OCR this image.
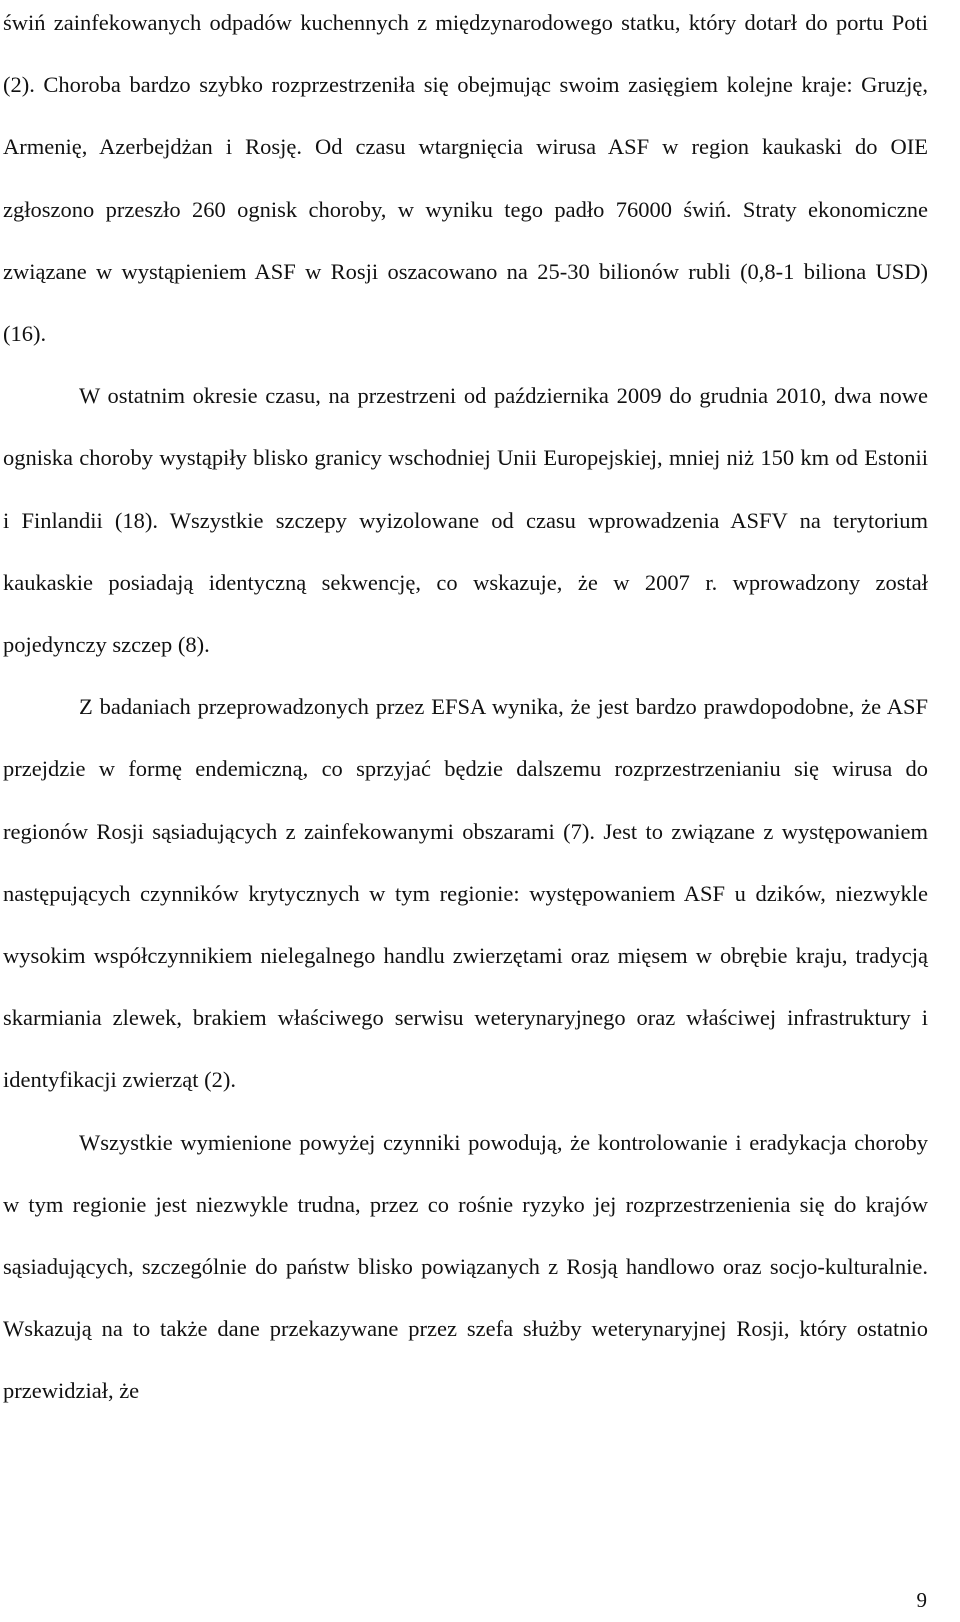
świń zainfekowanych odpadów kuchennych z międzynarodowego statku, który dotarł do portu Poti (2). Choroba bardzo szybko rozprzestrzeniła się obejmując swoim zasięgiem kolejne kraje: Gruzję, Armenię, Azerbejdżan i Rosję. Od czasu wtargnięcia wirusa ASF w region kaukaski do OIE zgłoszono przeszło 260 ognisk choroby, w wyniku tego padło 76000 świń. Straty ekonomiczne związane w wystąpieniem ASF w Rosji oszacowano na 25-30 bilionów rubli (0,8-1 biliona USD) (16).

W ostatnim okresie czasu, na przestrzeni od października 2009 do grudnia 2010, dwa nowe ogniska choroby wystąpiły blisko granicy wschodniej Unii Europejskiej, mniej niż 150 km od Estonii i Finlandii (18). Wszystkie szczepy wyizolowane od czasu wprowadzenia ASFV na terytorium kaukaskie posiadają identyczną sekwencję, co wskazuje, że w 2007 r. wprowadzony został pojedynczy szczep (8).

Z badaniach przeprowadzonych przez EFSA wynika, że jest bardzo prawdopodobne, że ASF przejdzie w formę endemiczną, co sprzyjać będzie dalszemu rozprzestrzenianiu się wirusa do regionów Rosji sąsiadujących z zainfekowanymi obszarami (7). Jest to związane z występowaniem następujących czynników krytycznych w tym regionie: występowaniem ASF u dzików, niezwykle wysokim współczynnikiem nielegalnego handlu zwierzętami oraz mięsem w obrębie kraju, tradycją skarmiania zlewek, brakiem właściwego serwisu weterynaryjnego oraz właściwej infrastruktury i identyfikacji zwierząt (2).

Wszystkie wymienione powyżej czynniki powodują, że kontrolowanie i eradykacja choroby w tym regionie jest niezwykle trudna, przez co rośnie ryzyko jej rozprzestrzenienia się do krajów sąsiadujących, szczególnie do państw blisko powiązanych z Rosją handlowo oraz socjo-kulturalnie. Wskazują na to także dane przekazywane przez szefa służby weterynaryjnej Rosji, który ostatnio przewidział, że

9
